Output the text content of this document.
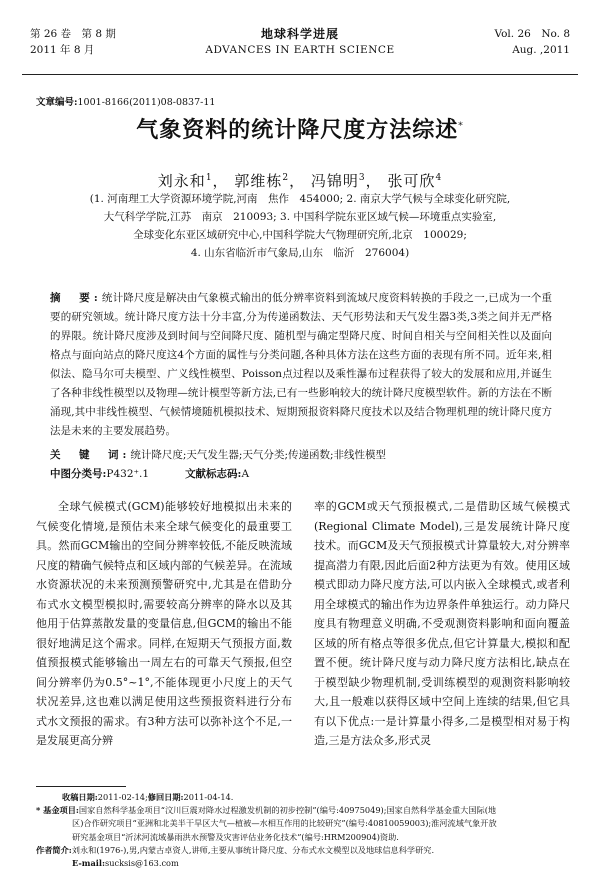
第 26 卷　第 8 期
2011 年 8 月
地球科学进展
ADVANCES IN EARTH SCIENCE
Vol. 26　No. 8
Aug. ,2011
文章编号:1001-8166(2011)08-0837-11
气象资料的统计降尺度方法综述*
刘永和$^1$， 郭维栋$^2$， 冯锦明$^3$， 张可欣$^4$
(1. 河南理工大学资源环境学院,河南　焦作　454000; 2. 南京大学气候与全球变化研究院,
大气科学学院,江苏　南京　210093; 3. 中国科学院东亚区域气候—环境重点实验室,
全球变化东亚区域研究中心,中国科学院大气物理研究所,北京　100029;
4. 山东省临沂市气象局,山东　临沂　276004)
摘　要:统计降尺度是解决由气象模式输出的低分辨率资料到流域尺度资料转换的手段之一,已成为一个重要的研究领域。统计降尺度方法十分丰富,分为传递函数法、天气形势法和天气发生器3类,3类之间并无严格的界限。统计降尺度涉及到时间与空间降尺度、随机型与确定型降尺度、时间自相关与空间相关性以及面向格点与面向站点的降尺度这4个方面的属性与分类问题,各种具体方法在这些方面的表现有所不同。近年来,相似法、隐马尔可夫模型、广义线性模型、Poisson点过程以及乘性瀑布过程获得了较大的发展和应用,并诞生了各种非线性模型以及物理—统计模型等新方法,已有一些影响较大的统计降尺度模型软件。新的方法在不断涌现,其中非线性模型、气候情境随机模拟技术、短期预报资料降尺度技术以及结合物理机理的统计降尺度方法是未来的主要发展趋势。
关　键　词:统计降尺度;天气发生器;天气分类;传递函数;非线性模型
中图分类号:P432⁺.1	文献标志码:A
全球气候模式(GCM)能够较好地模拟出未来的气候变化情境,是预估未来全球气候变化的最重要工具。然而GCM输出的空间分辨率较低,不能反映流域尺度的精确气候特点和区域内部的气候差异。在流域水资源状况的未来预测预警研究中,尤其是在借助分布式水文模型模拟时,需要较高分辨率的降水以及其他用于估算蒸散发量的变量信息,但GCM的输出不能很好地满足这个需求。同样,在短期天气预报方面,数值预报模式能够输出一周左右的可靠天气预报,但空间分辨率仍为0.5°~1°,不能体现更小尺度上的天气状况差异,这也难以满足使用这些预报资料进行分布式水文预报的需求。有3种方法可以弥补这个不足,一是发展更高分辨
率的GCM或天气预报模式,二是借助区域气候模式(Regional Climate Model),三是发展统计降尺度技术。而GCM及天气预报模式计算量较大,对分辨率提高潜力有限,因此后面2种方法更为有效。使用区域模式即动力降尺度方法,可以内嵌入全球模式,或者利用全球模式的输出作为边界条件单独运行。动力降尺度具有物理意义明确,不受观测资料影响和面向覆盖区域的所有格点等很多优点,但它计算量大,模拟和配置不便。统计降尺度与动力降尺度方法相比,缺点在于模型缺少物理机制,受训练模型的观测资料影响较大,且一般难以获得区域中空间上连续的结果,但它具有以下优点:一是计算量小得多,二是模型相对易于构造,三是方法众多,形式灵

收稿日期:2011-02-14;修回日期:2011-04-14.

* 基金项目:国家自然科学基金项目“汶川巨震对降水过程激发机制的初步控制”(编号:40975049);国家自然科学基金重大国际(地

区)合作研究项目“亚洲和北美半干旱区大气—植被—水相互作用的比较研究”(编号:40810059003);淮河流域气象开放

研究基金项目“沂沭河流域暴雨洪水预警及灾害评估业务化技术”(编号:HRM200904)资助.

作者简介:刘永和(1976-),男,内蒙古卓资人,讲师,主要从事统计降尺度、分布式水文模型以及地球信息科学研究.

E-mail:sucksis@163.com
